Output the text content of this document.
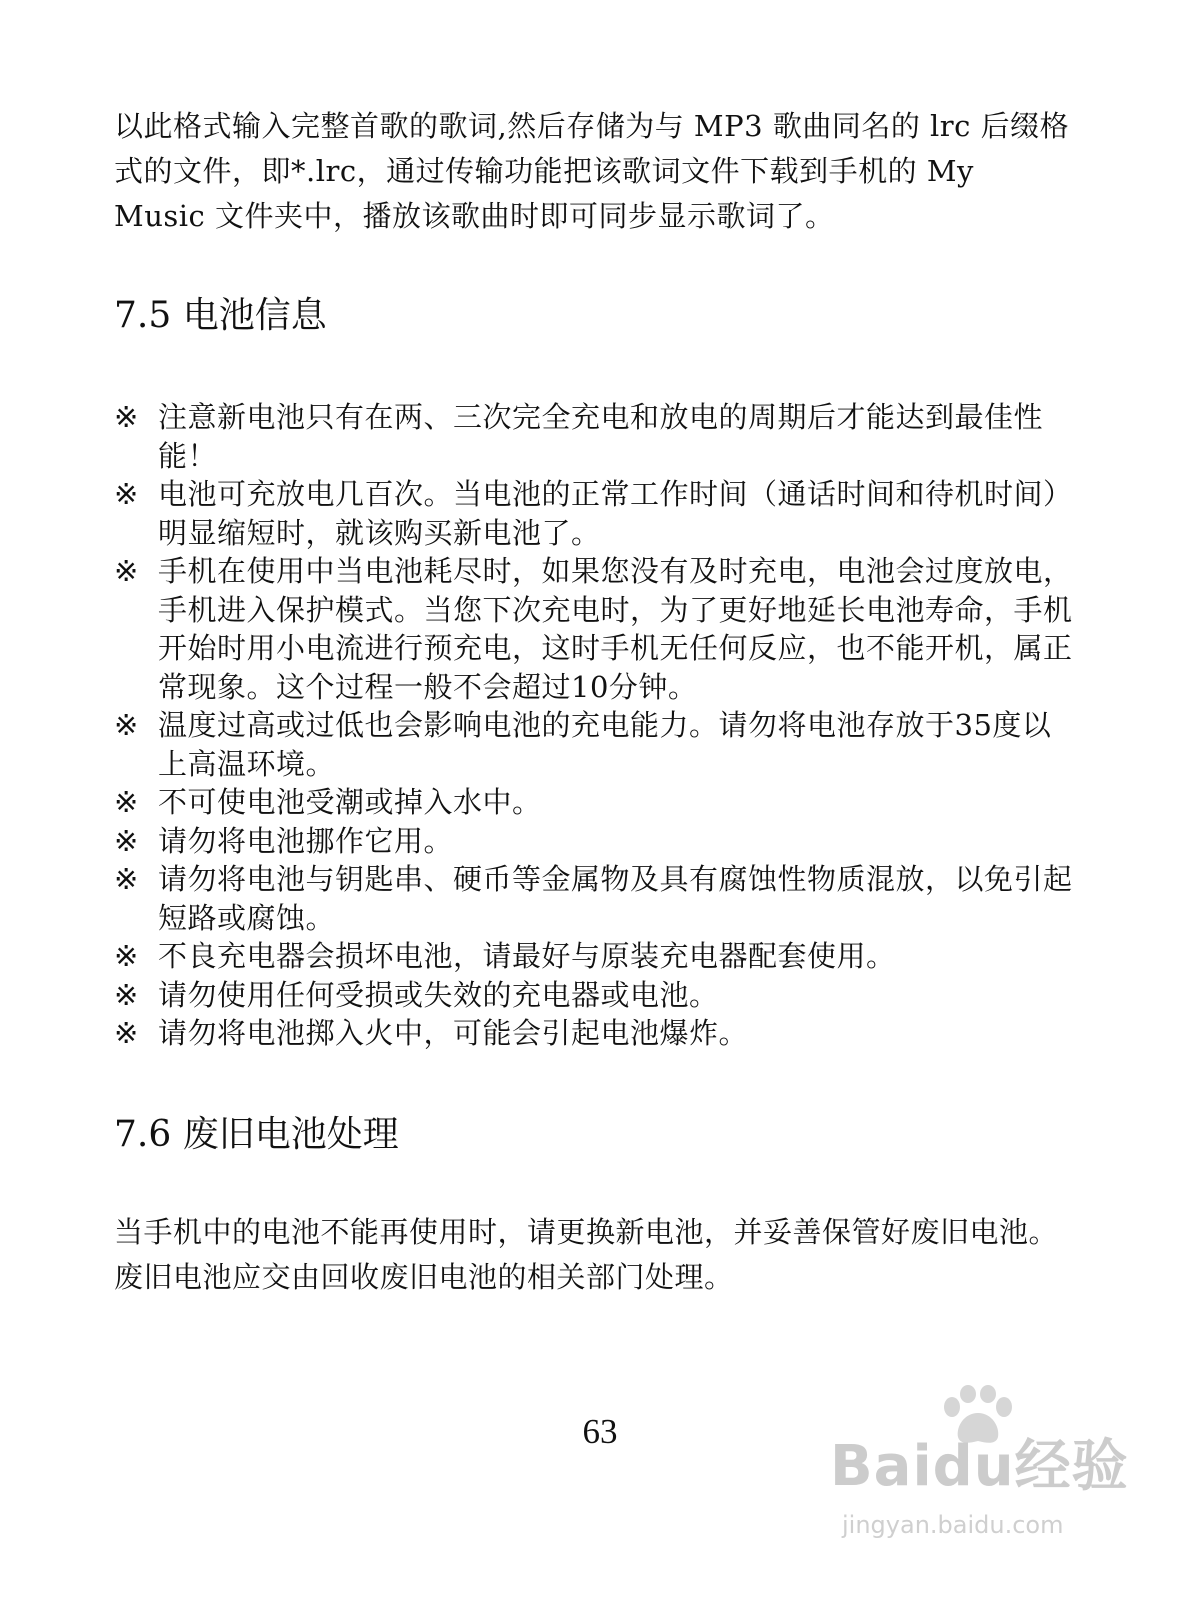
以此格式输入完整首歌的歌词,然后存储为与 MP3 歌曲同名的 lrc 后缀格式的文件，即*.lrc，通过传输功能把该歌词文件下载到手机的 My Music 文件夹中，播放该歌曲时即可同步显示歌词了。

7.5 电池信息
※ 注意新电池只有在两、三次完全充电和放电的周期后才能达到最佳性能！
※ 电池可充放电几百次。当电池的正常工作时间（通话时间和待机时间）明显缩短时，就该购买新电池了。
※ 手机在使用中当电池耗尽时，如果您没有及时充电，电池会过度放电，手机进入保护模式。当您下次充电时，为了更好地延长电池寿命，手机开始时用小电流进行预充电，这时手机无任何反应，也不能开机，属正常现象。这个过程一般不会超过10分钟。
※ 温度过高或过低也会影响电池的充电能力。请勿将电池存放于35度以上高温环境。
※ 不可使电池受潮或掉入水中。
※ 请勿将电池挪作它用。
※ 请勿将电池与钥匙串、硬币等金属物及具有腐蚀性物质混放，以免引起短路或腐蚀。
※ 不良充电器会损坏电池，请最好与原装充电器配套使用。
※ 请勿使用任何受损或失效的充电器或电池。
※ 请勿将电池掷入火中，可能会引起电池爆炸。
7.6 废旧电池处理

当手机中的电池不能再使用时，请更换新电池，并妥善保管好废旧电池。废旧电池应交由回收废旧电池的相关部门处理。

63
Baidu经验
jingyan.baidu.com
